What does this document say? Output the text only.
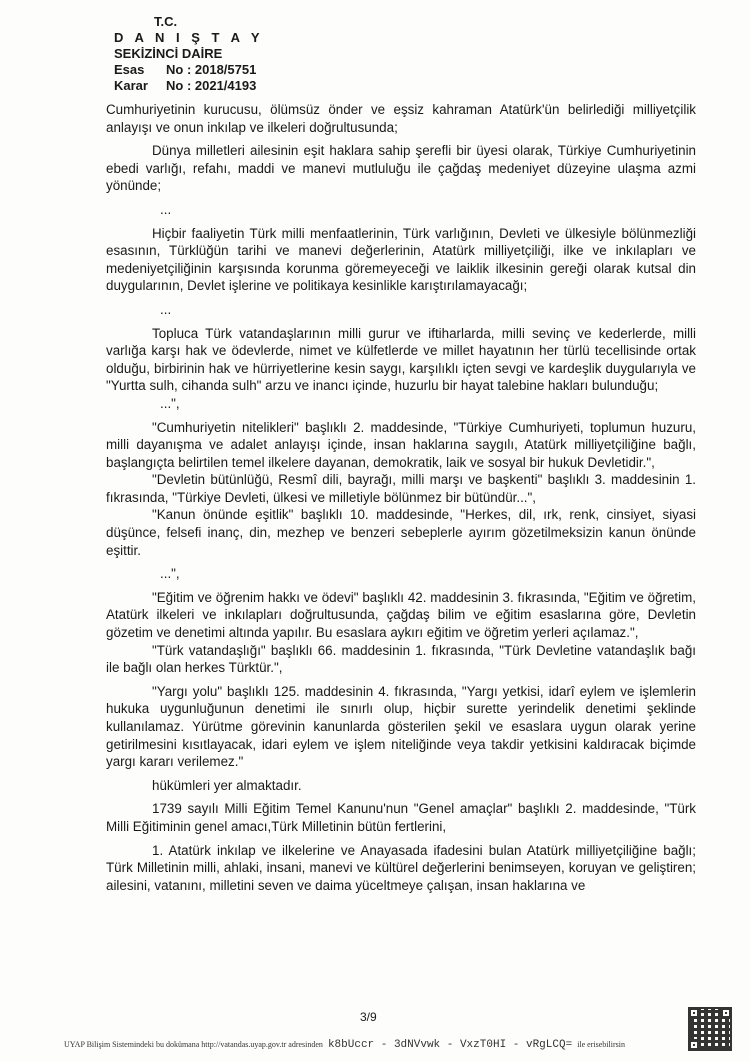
T.C.
D A N I Ş T A Y
SEKİZİNCİ DAİRE
Esas No : 2018/5751
Karar No : 2021/4193

Cumhuriyetinin kurucusu, ölümsüz önder ve eşsiz kahraman Atatürk'ün belirlediği milliyetçilik anlayışı ve onun inkılap ve ilkeleri doğrultusunda;

Dünya milletleri ailesinin eşit haklara sahip şerefli bir üyesi olarak, Türkiye Cumhuriyetinin ebedi varlığı, refahı, maddi ve manevi mutluluğu ile çağdaş medeniyet düzeyine ulaşma azmi yönünde;

...

Hiçbir faaliyetin Türk milli menfaatlerinin, Türk varlığının, Devleti ve ülkesiyle bölünmezliği esasının, Türklüğün tarihi ve manevi değerlerinin, Atatürk milliyetçiliği, ilke ve inkılapları ve medeniyetçiliğinin karşısında korunma göremeyeceği ve laiklik ilkesinin gereği olarak kutsal din duygularının, Devlet işlerine ve politikaya kesinlikle karıştırılamayacağı;

...

Topluca Türk vatandaşlarının milli gurur ve iftiharlarda, milli sevinç ve kederlerde, milli varlığa karşı hak ve ödevlerde, nimet ve külfetlerde ve millet hayatının her türlü tecellisinde ortak olduğu, birbirinin hak ve hürriyetlerine kesin saygı, karşılıklı içten sevgi ve kardeşlik duygularıyla ve "Yurtta sulh, cihanda sulh" arzu ve inancı içinde, huzurlu bir hayat talebine hakları bulunduğu;

...",

"Cumhuriyetin nitelikleri" başlıklı 2. maddesinde, "Türkiye Cumhuriyeti, toplumun huzuru, milli dayanışma ve adalet anlayışı içinde, insan haklarına saygılı, Atatürk milliyetçiliğine bağlı, başlangıçta belirtilen temel ilkelere dayanan, demokratik, laik ve sosyal bir hukuk Devletidir.",

"Devletin bütünlüğü, Resmî dili, bayrağı, milli marşı ve başkenti" başlıklı 3. maddesinin 1. fıkrasında, "Türkiye Devleti, ülkesi ve milletiyle bölünmez bir bütündür...",

"Kanun önünde eşitlik" başlıklı 10. maddesinde, "Herkes, dil, ırk, renk, cinsiyet, siyasi düşünce, felsefi inanç, din, mezhep ve benzeri sebeplerle ayırım gözetilmeksizin kanun önünde eşittir.

...",

"Eğitim ve öğrenim hakkı ve ödevi" başlıklı 42. maddesinin 3. fıkrasında, "Eğitim ve öğretim, Atatürk ilkeleri ve inkılapları doğrultusunda, çağdaş bilim ve eğitim esaslarına göre, Devletin gözetim ve denetimi altında yapılır. Bu esaslara aykırı eğitim ve öğretim yerleri açılamaz.",

"Türk vatandaşlığı" başlıklı 66. maddesinin 1. fıkrasında, "Türk Devletine vatandaşlık bağı ile bağlı olan herkes Türktür.",

"Yargı yolu" başlıklı 125. maddesinin 4. fıkrasında, "Yargı yetkisi, idarî eylem ve işlemlerin hukuka uygunluğunun denetimi ile sınırlı olup, hiçbir surette yerindelik denetimi şeklinde kullanılamaz. Yürütme görevinin kanunlarda gösterilen şekil ve esaslara uygun olarak yerine getirilmesini kısıtlayacak, idari eylem ve işlem niteliğinde veya takdir yetkisini kaldıracak biçimde yargı kararı verilemez."

hükümleri yer almaktadır.

1739 sayılı Milli Eğitim Temel Kanunu'nun "Genel amaçlar" başlıklı 2. maddesinde, "Türk Milli Eğitiminin genel amacı,Türk Milletinin bütün fertlerini,

1. Atatürk inkılap ve ilkelerine ve Anayasada ifadesini bulan Atatürk milliyetçiliğine bağlı; Türk Milletinin milli, ahlaki, insani, manevi ve kültürel değerlerini benimseyen, koruyan ve geliştiren; ailesini, vatanını, milletini seven ve daima yüceltmeye çalışan, insan haklarına ve

3/9
UYAP Bilişim Sistemindeki bu dokümana http://vatandas.uyap.gov.tr adresinden k8bUccr - 3dNVvwk - VxzT0HI - vRgLCQ= ile erisebilirsin
